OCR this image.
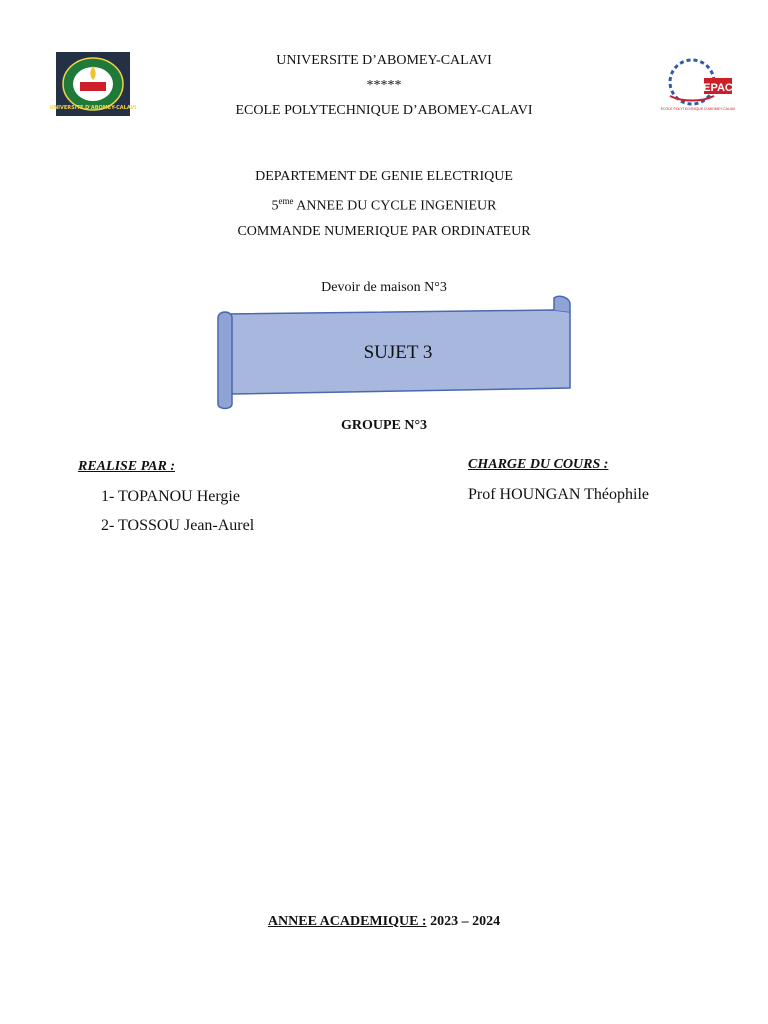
UNIVERSITE D'ABOMEY-CALAVI
EPAC
ECOLE POLYTECHNIQUE D'ABOMEY-CALAVI
UNIVERSITE D’ABOMEY-CALAVI
*****
ECOLE POLYTECHNIQUE D’ABOMEY-CALAVI
DEPARTEMENT DE GENIE ELECTRIQUE
5eme ANNEE DU CYCLE INGENIEUR
COMMANDE NUMERIQUE PAR ORDINATEUR
Devoir de maison N°3
SUJET 3
GROUPE N°3
REALISE PAR :
1- TOPANOU Hergie
2- TOSSOU Jean-Aurel
CHARGE DU COURS :
Prof HOUNGAN Théophile
ANNEE ACADEMIQUE : 2023 – 2024
